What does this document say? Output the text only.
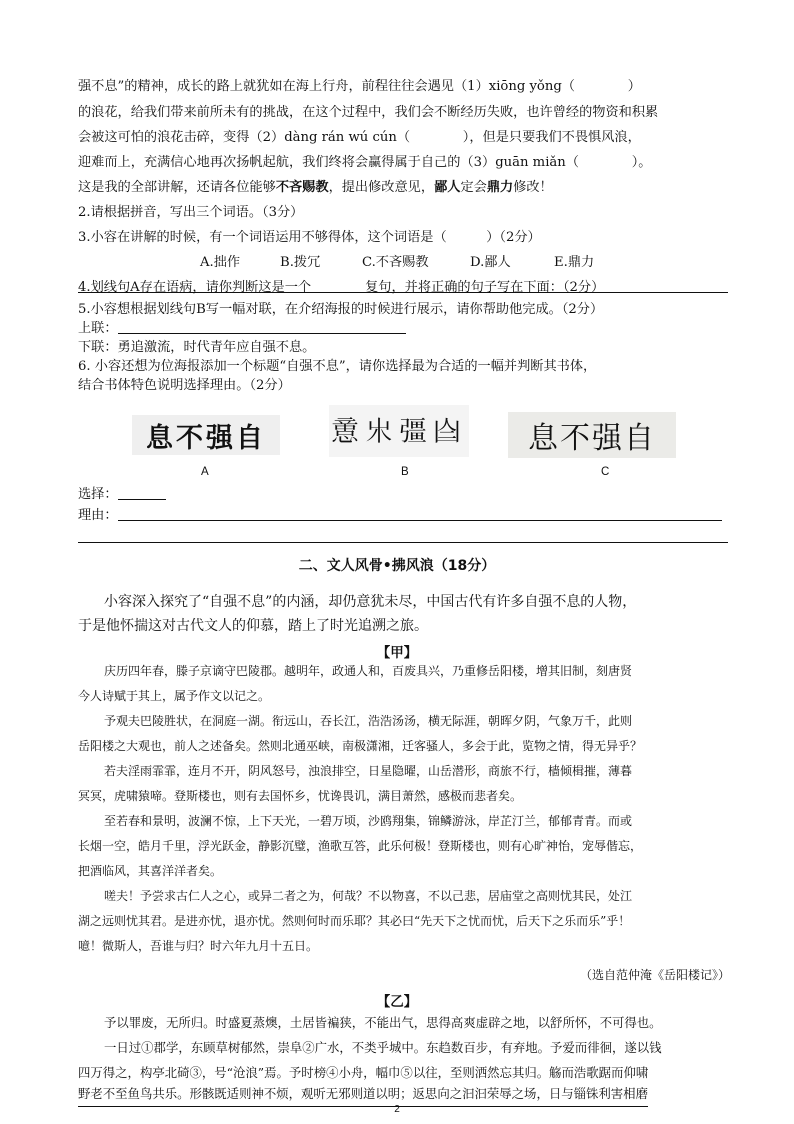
强不息”的精神，成长的路上就犹如在海上行舟，前程往往会遇见（1）xiōng yǒng（　　　　）
的浪花，给我们带来前所未有的挑战，在这个过程中，我们会不断经历失败，也许曾经的物资和积累
会被这可怕的浪花击碎，变得（2）dàng rán wú cún（　　　　），但是只要我们不畏惧风浪，
迎难而上，充满信心地再次扬帆起航，我们终将会赢得属于自己的（3）guān miǎn（　　　　）。
这是我的全部讲解，还请各位能够不吝赐教，提出修改意见，鄙人定会鼎力修改！
2.请根据拼音，写出三个词语。（3分）
3.小容在讲解的时候，有一个词语运用不够得体，这个词语是（　　　）（2分）
A.拙作	B.拨冗	C.不吝赐教	D.鄙人	E.鼎力
4.划线句A存在语病，请你判断这是一个	复句，并将正确的句子写在下面：（2分）
5.小容想根据划线句B写一幅对联，在介绍海报的时候进行展示，请你帮助他完成。（2分）
上联：
下联：勇追激流，时代青年应自强不息。
6. 小容还想为位海报添加一个标题“自强不息”，请你选择最为合适的一幅并判断其书体，
结合书体特色说明选择理由。（2分）
息不强自 𢡃𣎵彊𦣹 息不强自
A	B	C
选择：
理由：
二、文人风骨•拂风浪（18分）
小容深入探究了“自强不息”的内涵，却仍意犹未尽，中国古代有许多自强不息的人物，
于是他怀揣这对古代文人的仰慕，踏上了时光追溯之旅。
【甲】
庆历四年春，滕子京谪守巴陵郡。越明年，政通人和，百废具兴，乃重修岳阳楼，增其旧制，刻唐贤
今人诗赋于其上，属予作文以记之。
予观夫巴陵胜状，在洞庭一湖。衔远山，吞长江，浩浩汤汤，横无际涯，朝晖夕阴，气象万千，此则
岳阳楼之大观也，前人之述备矣。然则北通巫峡，南极潇湘，迁客骚人，多会于此，览物之情，得无异乎？
若夫淫雨霏霏，连月不开，阴风怒号，浊浪排空，日星隐曜，山岳潜形，商旅不行，樯倾楫摧，薄暮
冥冥，虎啸猿啼。登斯楼也，则有去国怀乡，忧谗畏讥，满目萧然，感极而悲者矣。
至若春和景明，波澜不惊，上下天光，一碧万顷，沙鸥翔集，锦鳞游泳，岸芷汀兰，郁郁青青。而或
长烟一空，皓月千里，浮光跃金，静影沉璧，渔歌互答，此乐何极！登斯楼也，则有心旷神怡，宠辱偕忘，
把酒临风，其喜洋洋者矣。
嗟夫！予尝求古仁人之心，或异二者之为，何哉？不以物喜，不以己悲，居庙堂之高则忧其民，处江
湖之远则忧其君。是进亦忧，退亦忧。然则何时而乐耶？其必曰“先天下之忧而忧，后天下之乐而乐”乎！
噫！微斯人，吾谁与归？时六年九月十五日。
（选自范仲淹《岳阳楼记》）
【乙】
予以罪废，无所归。时盛夏蒸燠，土居皆褊狭，不能出气，思得高爽虚辟之地，以舒所怀，不可得也。
一日过①郡学，东顾草树郁然，崇阜②广水，不类乎城中。东趋数百步，有弃地。予爱而徘徊，遂以钱
四万得之，构亭北碕③，号“沧浪”焉。予时榜④小舟，幅巾⑤以往，至则洒然忘其归。觞而浩歌踞而仰啸
野老不至鱼鸟共乐。形骸既适则神不烦，观听无邪则道以明；返思向之汩汩荣辱之场，日与锱铢利害相磨
2
